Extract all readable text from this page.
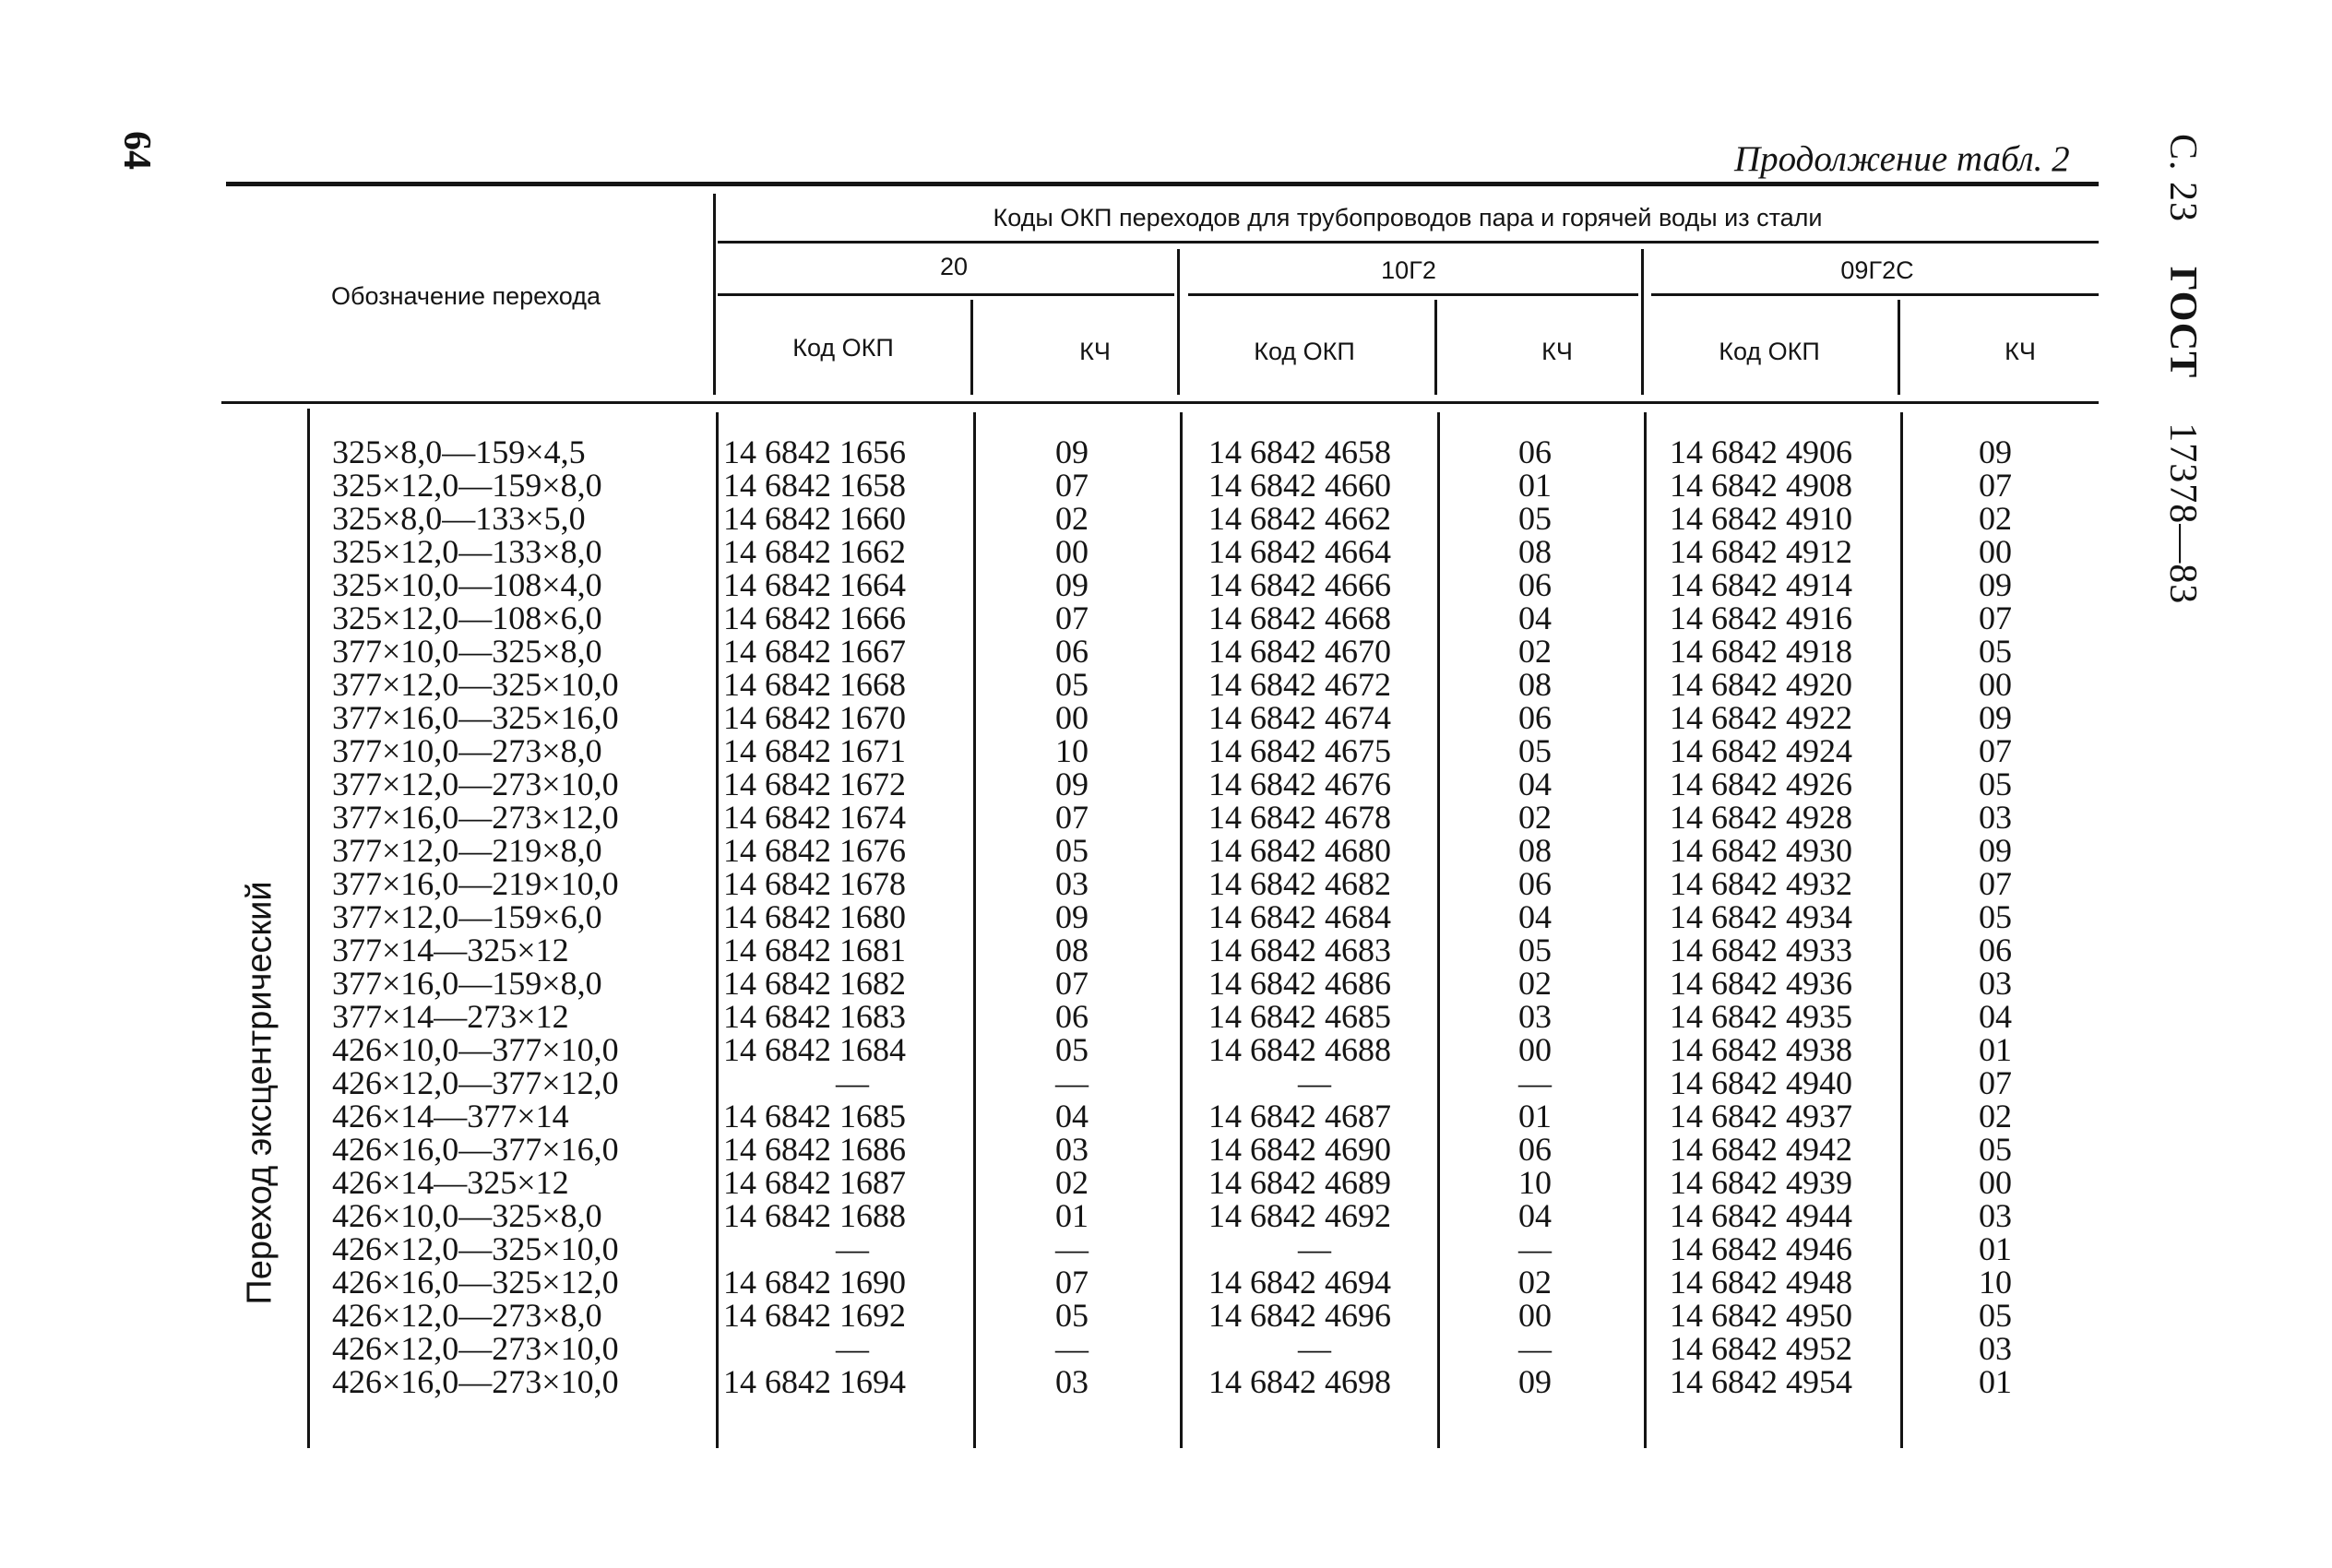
64	Продолжение табл. 2 С. 23ГОСТ17378—83
Обозначение перехода
Коды ОКП переходов для трубопроводов пара и горячей воды из стали
20	10Г2	09Г2С
Код ОКП	КЧ	Код ОКП	КЧ	Код ОКП	КЧ
Переход эксцентрический
325×8,0—159×4,5	14 6842 1656	09	14 6842 4658	06	14 6842 4906	09
325×12,0—159×8,0	14 6842 1658	07	14 6842 4660	01	14 6842 4908	07
325×8,0—133×5,0	14 6842 1660	02	14 6842 4662	05	14 6842 4910	02
325×12,0—133×8,0	14 6842 1662	00	14 6842 4664	08	14 6842 4912	00
325×10,0—108×4,0	14 6842 1664	09	14 6842 4666	06	14 6842 4914	09
325×12,0—108×6,0	14 6842 1666	07	14 6842 4668	04	14 6842 4916	07
377×10,0—325×8,0	14 6842 1667	06	14 6842 4670	02	14 6842 4918	05
377×12,0—325×10,0	14 6842 1668	05	14 6842 4672	08	14 6842 4920	00
377×16,0—325×16,0	14 6842 1670	00	14 6842 4674	06	14 6842 4922	09
377×10,0—273×8,0	14 6842 1671	10	14 6842 4675	05	14 6842 4924	07
377×12,0—273×10,0	14 6842 1672	09	14 6842 4676	04	14 6842 4926	05
377×16,0—273×12,0	14 6842 1674	07	14 6842 4678	02	14 6842 4928	03
377×12,0—219×8,0	14 6842 1676	05	14 6842 4680	08	14 6842 4930	09
377×16,0—219×10,0	14 6842 1678	03	14 6842 4682	06	14 6842 4932	07
377×12,0—159×6,0	14 6842 1680	09	14 6842 4684	04	14 6842 4934	05
377×14—325×12	14 6842 1681	08	14 6842 4683	05	14 6842 4933	06
377×16,0—159×8,0	14 6842 1682	07	14 6842 4686	02	14 6842 4936	03
377×14—273×12	14 6842 1683	06	14 6842 4685	03	14 6842 4935	04
426×10,0—377×10,0	14 6842 1684	05	14 6842 4688	00	14 6842 4938	01
426×12,0—377×12,0	—	—	—	—	14 6842 4940	07
426×14—377×14	14 6842 1685	04	14 6842 4687	01	14 6842 4937	02
426×16,0—377×16,0	14 6842 1686	03	14 6842 4690	06	14 6842 4942	05
426×14—325×12	14 6842 1687	02	14 6842 4689	10	14 6842 4939	00
426×10,0—325×8,0	14 6842 1688	01	14 6842 4692	04	14 6842 4944	03
426×12,0—325×10,0	—	—	—	—	14 6842 4946	01
426×16,0—325×12,0	14 6842 1690	07	14 6842 4694	02	14 6842 4948	10
426×12,0—273×8,0	14 6842 1692	05	14 6842 4696	00	14 6842 4950	05
426×12,0—273×10,0	—	—	—	—	14 6842 4952	03
426×16,0—273×10,0	14 6842 1694	03	14 6842 4698	09	14 6842 4954	01
